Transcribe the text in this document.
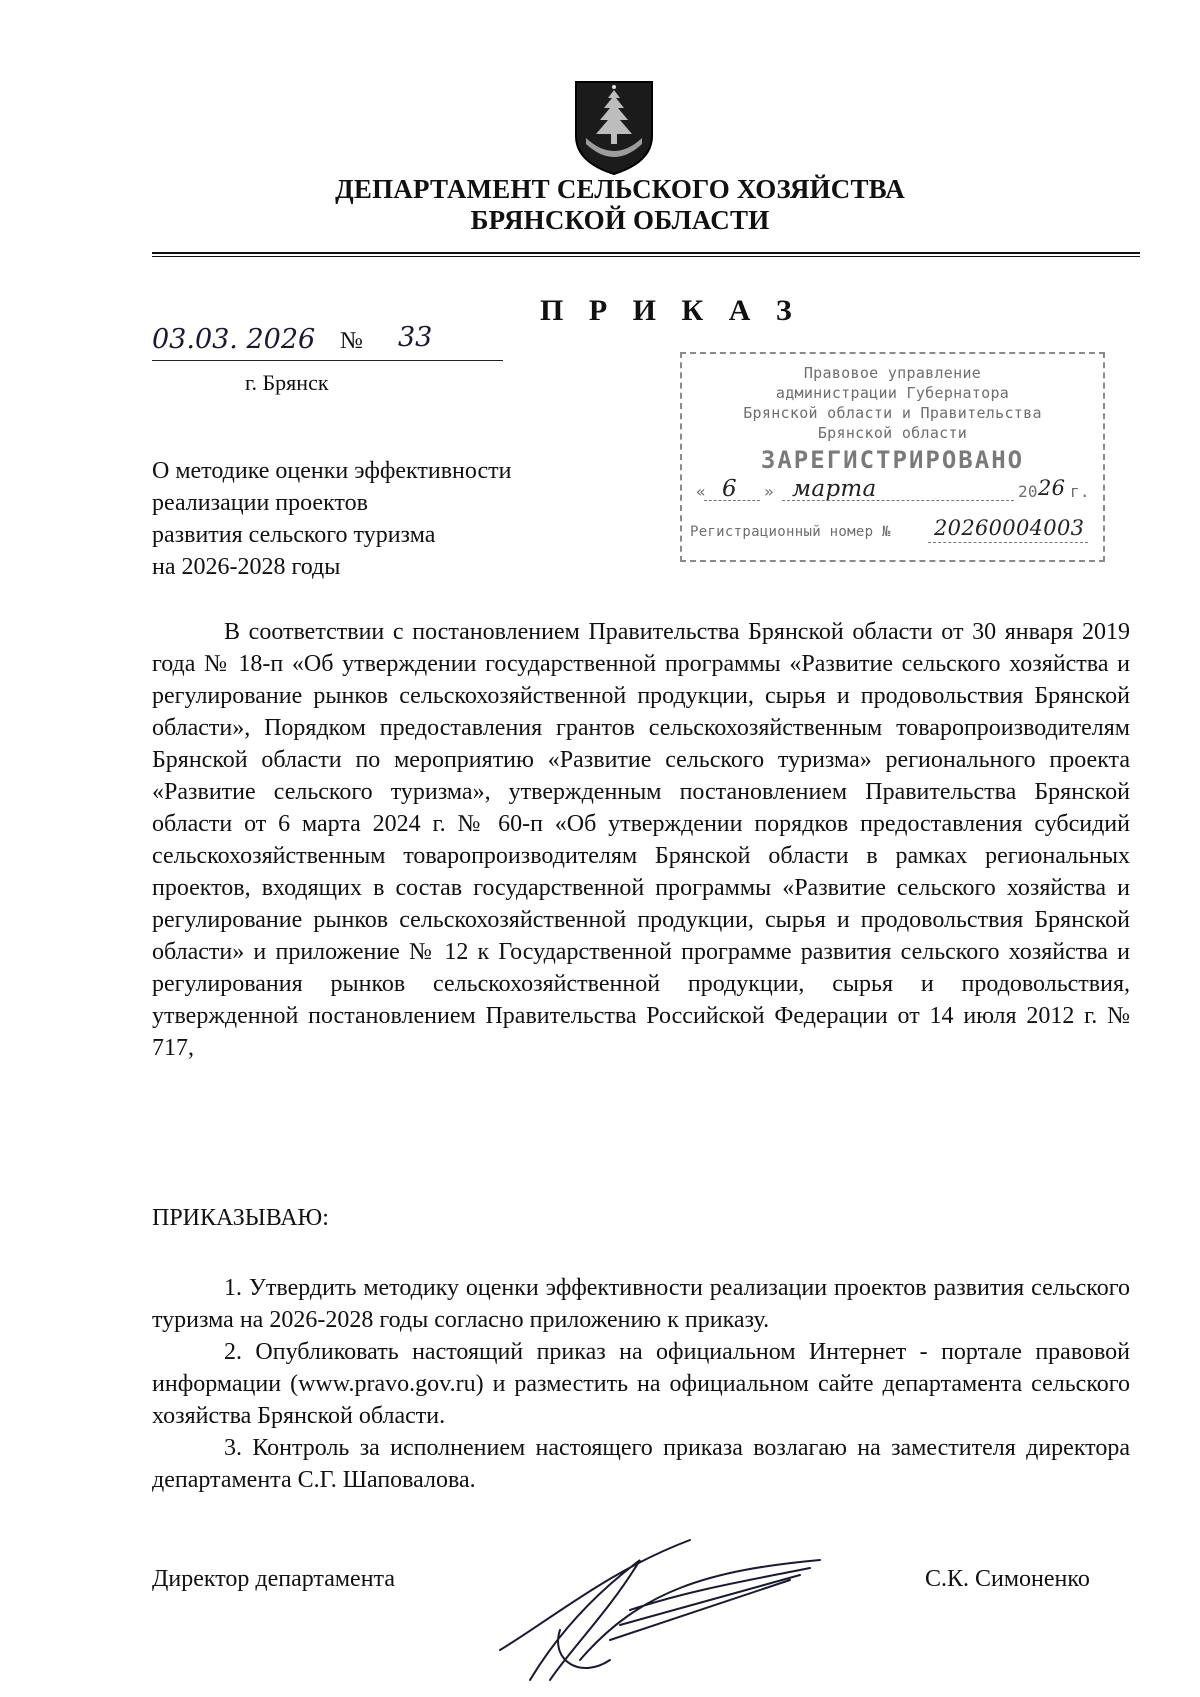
ДЕПАРТАМЕНТ СЕЛЬСКОГО ХОЗЯЙСТВА
БРЯНСКОЙ ОБЛАСТИ
П Р И К А З
03.03. 2026 № 33
г. Брянск	Правовое управление
администрации Губернатора
Брянской области и Правительства
Брянской области
ЗАРЕГИСТРИРОВАНО
« 6 » марта	20 26 г.
Регистрационный номер № 20260004003
О методике оценки эффективности
реализации проектов
развития сельского туризма
на 2026-2028 годы
В соответствии с постановлением Правительства Брянской области от 30 января 2019 года № 18-п «Об утверждении государственной программы «Развитие сельского хозяйства и регулирование рынков сельскохозяйственной продукции, сырья и продовольствия Брянской области», Порядком предоставления грантов сельскохозяйственным товаропроизводителям Брянской области по мероприятию «Развитие сельского туризма» регионального проекта «Развитие сельского туризма», утвержденным постановлением Правительства Брянской области от 6 марта 2024 г. № 60-п «Об утверждении порядков предоставления субсидий сельскохозяйственным товаропроизводителям Брянской области в рамках региональных проектов, входящих в состав государственной программы «Развитие сельского хозяйства и регулирование рынков сельскохозяйственной продукции, сырья и продовольствия Брянской области» и приложение № 12 к Государственной программе развития сельского хозяйства и регулирования рынков сельскохозяйственной продукции, сырья и продовольствия, утвержденной постановлением Правительства Российской Федерации от 14 июля 2012 г. № 717,
ПРИКАЗЫВАЮ:
1. Утвердить методику оценки эффективности реализации проектов развития сельского туризма на 2026-2028 годы согласно приложению к приказу.
2. Опубликовать настоящий приказ на официальном Интернет - портале правовой информации (www.pravo.gov.ru) и разместить на официальном сайте департамента сельского хозяйства Брянской области.
3. Контроль за исполнением настоящего приказа возлагаю на заместителя директора департамента С.Г. Шаповалова.
Директор департамента	С.К. Симоненко
